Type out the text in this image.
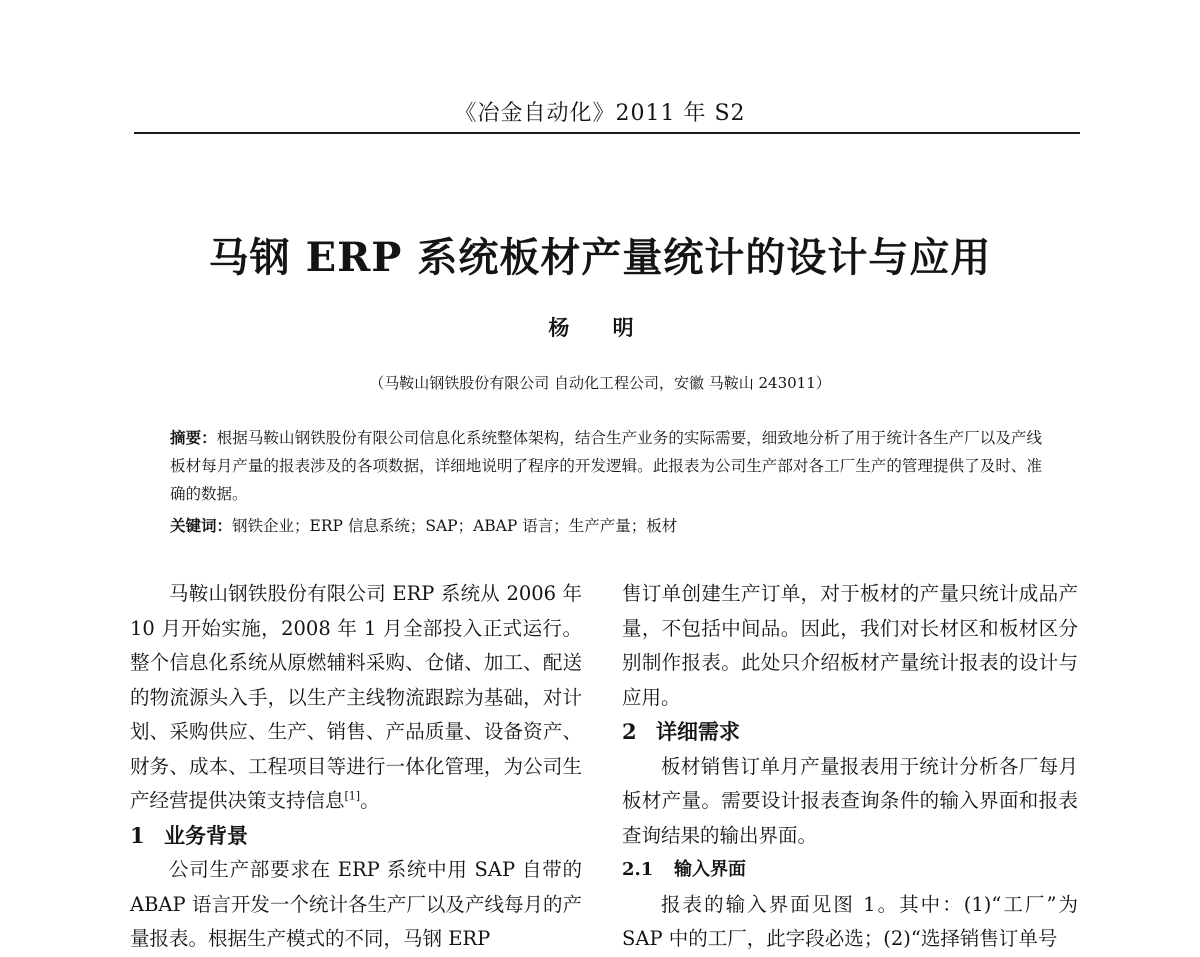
《冶金自动化》2011 年 S2
马钢 ERP 系统板材产量统计的设计与应用
杨 明
（马鞍山钢铁股份有限公司 自动化工程公司，安徽 马鞍山 243011）
摘要：根据马鞍山钢铁股份有限公司信息化系统整体架构，结合生产业务的实际需要，细致地分析了用于统计各生产厂以及产线板材每月产量的报表涉及的各项数据，详细地说明了程序的开发逻辑。此报表为公司生产部对各工厂生产的管理提供了及时、准确的数据。
关键词：钢铁企业；ERP 信息系统；SAP；ABAP 语言；生产产量；板材

马鞍山钢铁股份有限公司 ERP 系统从 2006 年 10 月开始实施，2008 年 1 月全部投入正式运行。整个信息化系统从原燃辅料采购、仓储、加工、配送的物流源头入手，以生产主线物流跟踪为基础，对计划、采购供应、生产、销售、产品质量、设备资产、财务、成本、工程项目等进行一体化管理，为公司生产经营提供决策支持信息[1]。

1 业务背景

公司生产部要求在 ERP 系统中用 SAP 自带的 ABAP 语言开发一个统计各生产厂以及产线每月的产量报表。根据生产模式的不同，马钢 ERP

售订单创建生产订单，对于板材的产量只统计成品产量，不包括中间品。因此，我们对长材区和板材区分别制作报表。此处只介绍板材产量统计报表的设计与应用。

2 详细需求

板材销售订单月产量报表用于统计分析各厂每月板材产量。需要设计报表查询条件的输入界面和报表查询结果的输出界面。

2.1 输入界面

报表的输入界面见图 1。其中：(1)“工厂”为 SAP 中的工厂，此字段必选；(2)“选择销售订单号
